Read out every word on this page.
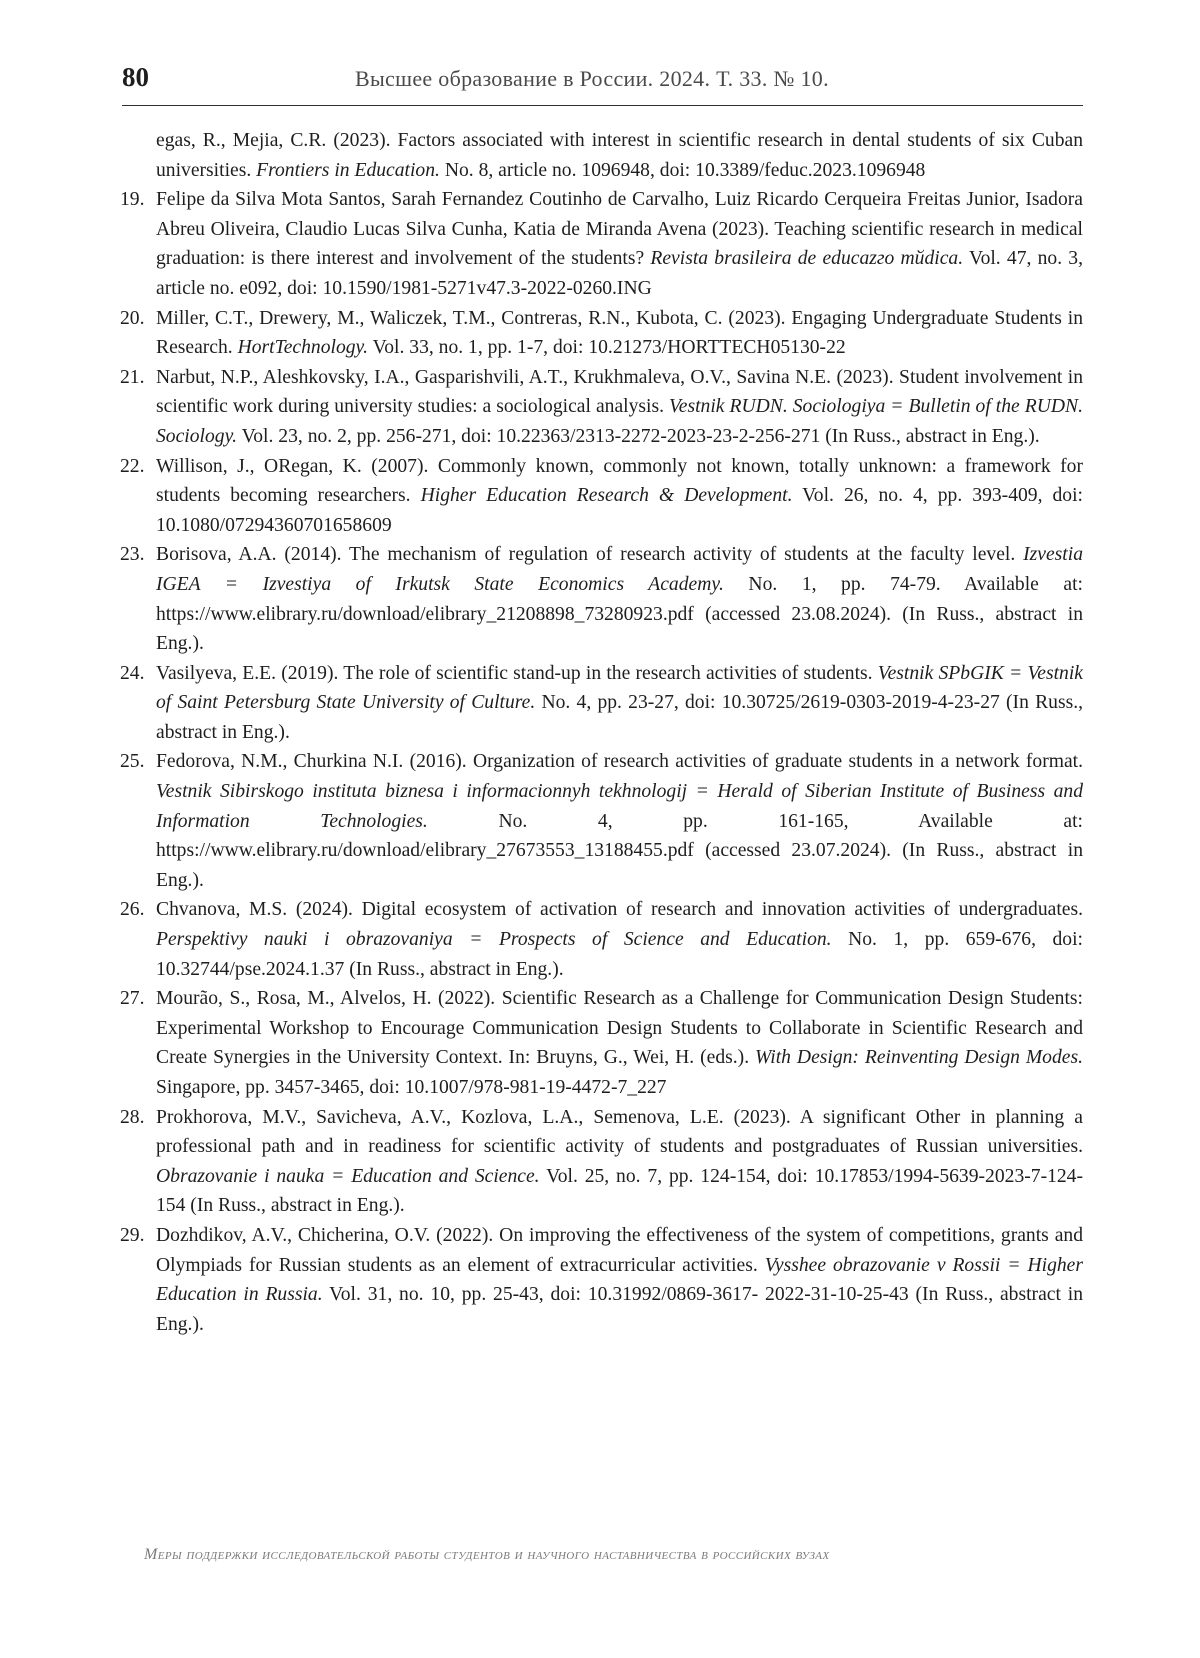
80	Высшее образование в России. 2024. Т. 33. № 10.
egas, R., Mejia, C.R. (2023). Factors associated with interest in scientific research in dental students of six Cuban universities. Frontiers in Education. No. 8, article no. 1096948, doi: 10.3389/feduc.2023.1096948
19. Felipe da Silva Mota Santos, Sarah Fernandez Coutinho de Carvalho, Luiz Ricardo Cerqueira Freitas Junior, Isadora Abreu Oliveira, Claudio Lucas Silva Cunha, Katia de Miranda Avena (2023). Teaching scientific research in medical graduation: is there interest and involvement of the students? Revista brasileira de educazго mйdica. Vol. 47, no. 3, article no. e092, doi: 10.1590/1981-5271v47.3-2022-0260.ING
20. Miller, C.T., Drewery, M., Waliczek, T.M., Contreras, R.N., Kubota, C. (2023). Engaging Undergraduate Students in Research. HortTechnology. Vol. 33, no. 1, pp. 1-7, doi: 10.21273/HORTTECH05130-22
21. Narbut, N.P., Aleshkovsky, I.A., Gasparishvili, A.T., Krukhmaleva, O.V., Savina N.E. (2023). Student involvement in scientific work during university studies: a sociological analysis. Vestnik RUDN. Sociologiya = Bulletin of the RUDN. Sociology. Vol. 23, no. 2, pp. 256-271, doi: 10.22363/2313-2272-2023-23-2-256-271 (In Russ., abstract in Eng.).
22. Willison, J., ORegan, K. (2007). Commonly known, commonly not known, totally unknown: a framework for students becoming researchers. Higher Education Research & Development. Vol. 26, no. 4, pp. 393-409, doi: 10.1080/07294360701658609
23. Borisova, A.A. (2014). The mechanism of regulation of research activity of students at the faculty level. Izvestia IGEA = Izvestiya of Irkutsk State Economics Academy. No. 1, pp. 74-79. Available at: https://www.elibrary.ru/download/elibrary_21208898_73280923.pdf (accessed 23.08.2024). (In Russ., abstract in Eng.).
24. Vasilyeva, E.E. (2019). The role of scientific stand-up in the research activities of students. Vestnik SPbGIK = Vestnik of Saint Petersburg State University of Culture. No. 4, pp. 23-27, doi: 10.30725/2619-0303-2019-4-23-27 (In Russ., abstract in Eng.).
25. Fedorova, N.M., Churkina N.I. (2016). Organization of research activities of graduate students in a network format. Vestnik Sibirskogo instituta biznesa i informacionnyh tekhnologij = Herald of Siberian Institute of Business and Information Technologies. No. 4, pp. 161-165, Available at: https://www.elibrary.ru/download/elibrary_27673553_13188455.pdf (accessed 23.07.2024). (In Russ., abstract in Eng.).
26. Chvanova, M.S. (2024). Digital ecosystem of activation of research and innovation activities of undergraduates. Perspektivy nauki i obrazovaniya = Prospects of Science and Education. No. 1, pp. 659-676, doi: 10.32744/pse.2024.1.37 (In Russ., abstract in Eng.).
27. Mourão, S., Rosa, M., Alvelos, H. (2022). Scientific Research as a Challenge for Communication Design Students: Experimental Workshop to Encourage Communication Design Students to Collaborate in Scientific Research and Create Synergies in the University Context. In: Bruyns, G., Wei, H. (eds.). With Design: Reinventing Design Modes. Singapore, pp. 3457-3465, doi: 10.1007/978-981-19-4472-7_227
28. Prokhorova, M.V., Savicheva, A.V., Kozlova, L.A., Semenova, L.E. (2023). A significant Other in planning a professional path and in readiness for scientific activity of students and postgraduates of Russian universities. Obrazovanie i nauka = Education and Science. Vol. 25, no. 7, pp. 124-154, doi: 10.17853/1994-5639-2023-7-124-154 (In Russ., abstract in Eng.).
29. Dozhdikov, A.V., Chicherina, O.V. (2022). On improving the effectiveness of the system of competitions, grants and Olympiads for Russian students as an element of extracurricular activities. Vysshee obrazovanie v Rossii = Higher Education in Russia. Vol. 31, no. 10, pp. 25-43, doi: 10.31992/0869-3617- 2022-31-10-25-43 (In Russ., abstract in Eng.).
Меры поддержки исследовательской работы студентов и научного наставничества в российских вузах
